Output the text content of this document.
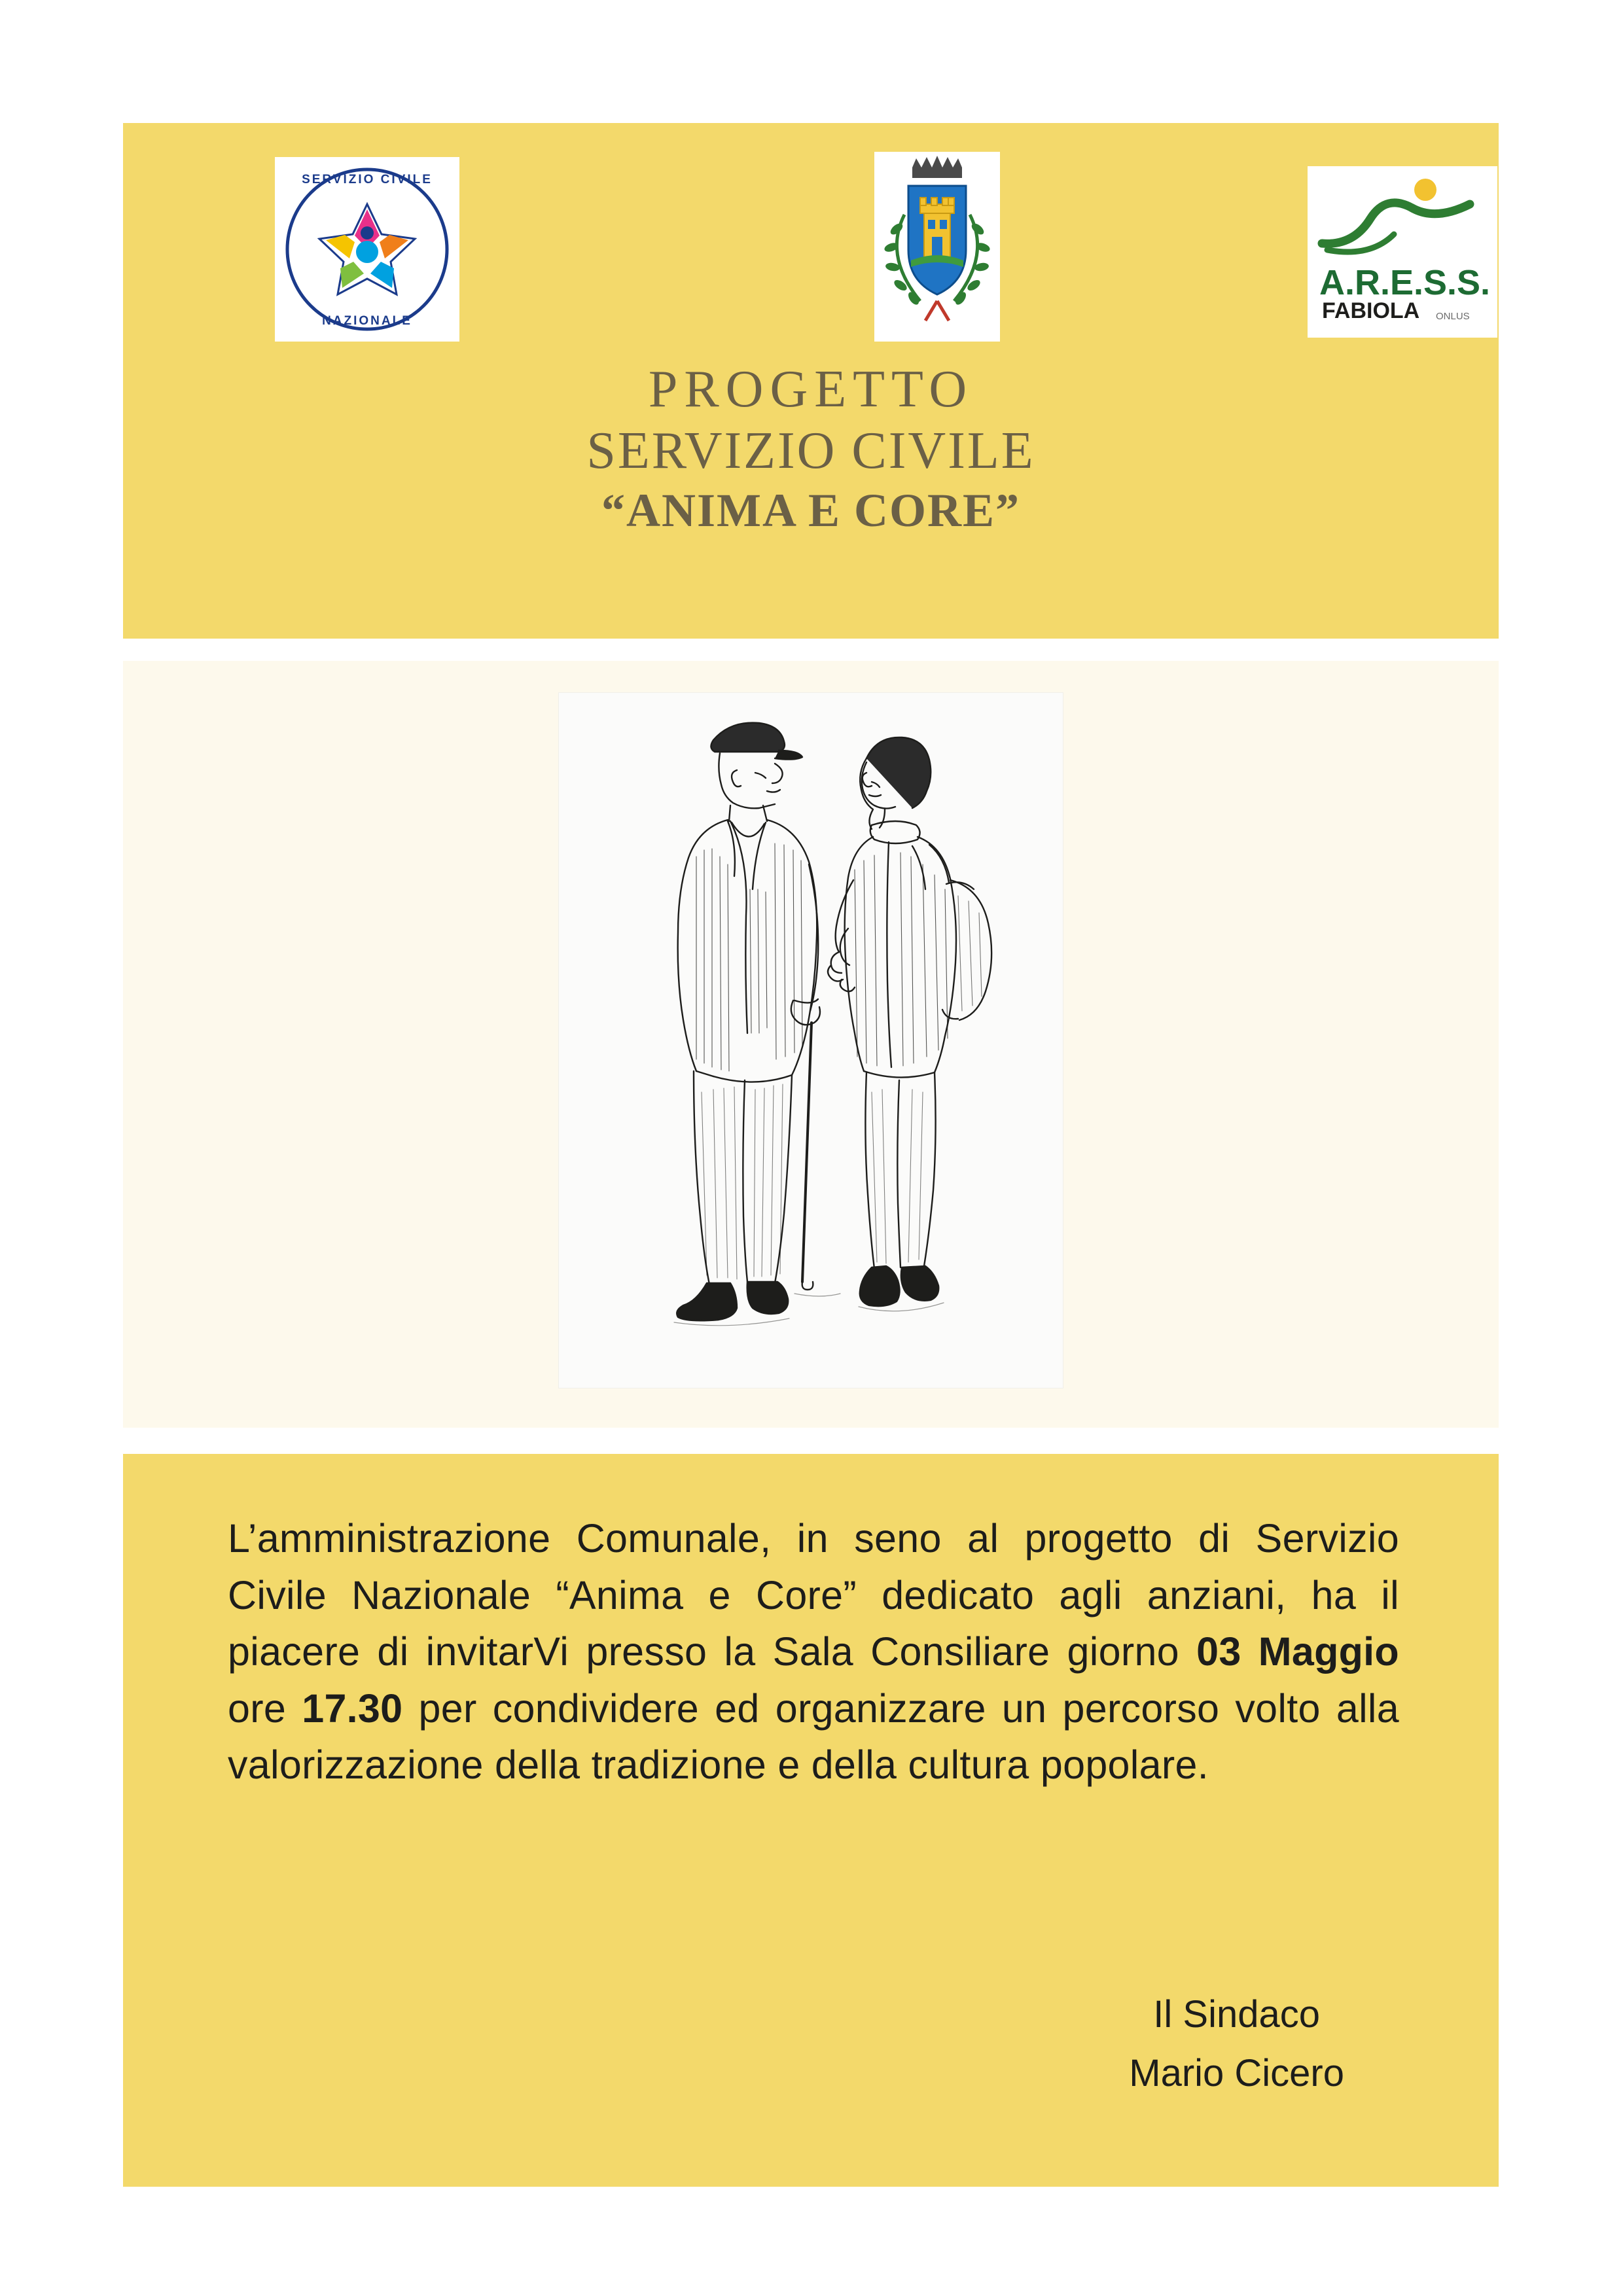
SERVIZIO CIVILE
NAZIONALE
A.R.E.S.S.
FABIOLA ONLUS
PROGETTO
SERVIZIO CIVILE
“ANIMA E CORE”
L’amministrazione Comunale, in seno al progetto di Servizio Civile Nazionale “Anima e Core” dedicato agli anziani, ha il piacere di invitarVi presso la Sala Consiliare giorno 03 Maggio ore 17.30 per condividere ed organizzare un percorso volto alla valorizzazione della tradizione e della cultura popolare.
Il Sindaco
Mario Cicero
